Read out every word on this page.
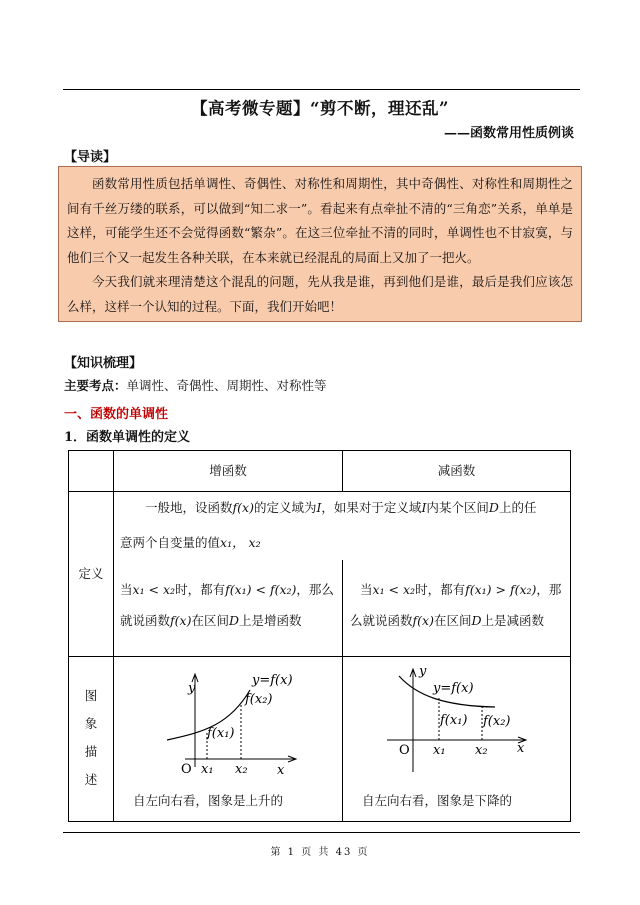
【高考微专题】“剪不断，理还乱”
——函数常用性质例谈
【导读】

函数常用性质包括单调性、奇偶性、对称性和周期性，其中奇偶性、对称性和周期性之间有千丝万缕的联系，可以做到“知二求一”。看起来有点牵扯不清的“三角恋”关系，单单是这样，可能学生还不会觉得函数“繁杂”。在这三位牵扯不清的同时，单调性也不甘寂寞，与他们三个又一起发生各种关联，在本来就已经混乱的局面上又加了一把火。

今天我们就来理清楚这个混乱的问题，先从我是谁，再到他们是谁，最后是我们应该怎么样，这样一个认知的过程。下面，我们开始吧！

【知识梳理】
主要考点：单调性、奇偶性、周期性、对称性等
一、函数的单调性
1．函数单调性的定义
增函数	减函数
定义
一般地，设函数f(x)的定义域为I，如果对于定义域I内某个区间D上的任
意两个自变量的值x₁， x₂
当x₁ < x₂时，都有f(x₁) < f(x₂)，那么
就说函数f(x)在区间D上是增函数
当x₁ < x₂时，都有f(x₁) > f(x₂)，那
么就说函数f(x)在区间D上是减函数
图
象
描
述
y=f(x)
f(x₂)
f(x₁)
y
x
O x₁ x₂
y=f(x)
f(x₁) f(x₂)
y
x
O x₁ x₂
自左向右看，图象是上升的	自左向右看，图象是下降的
第 1 页 共 43 页
